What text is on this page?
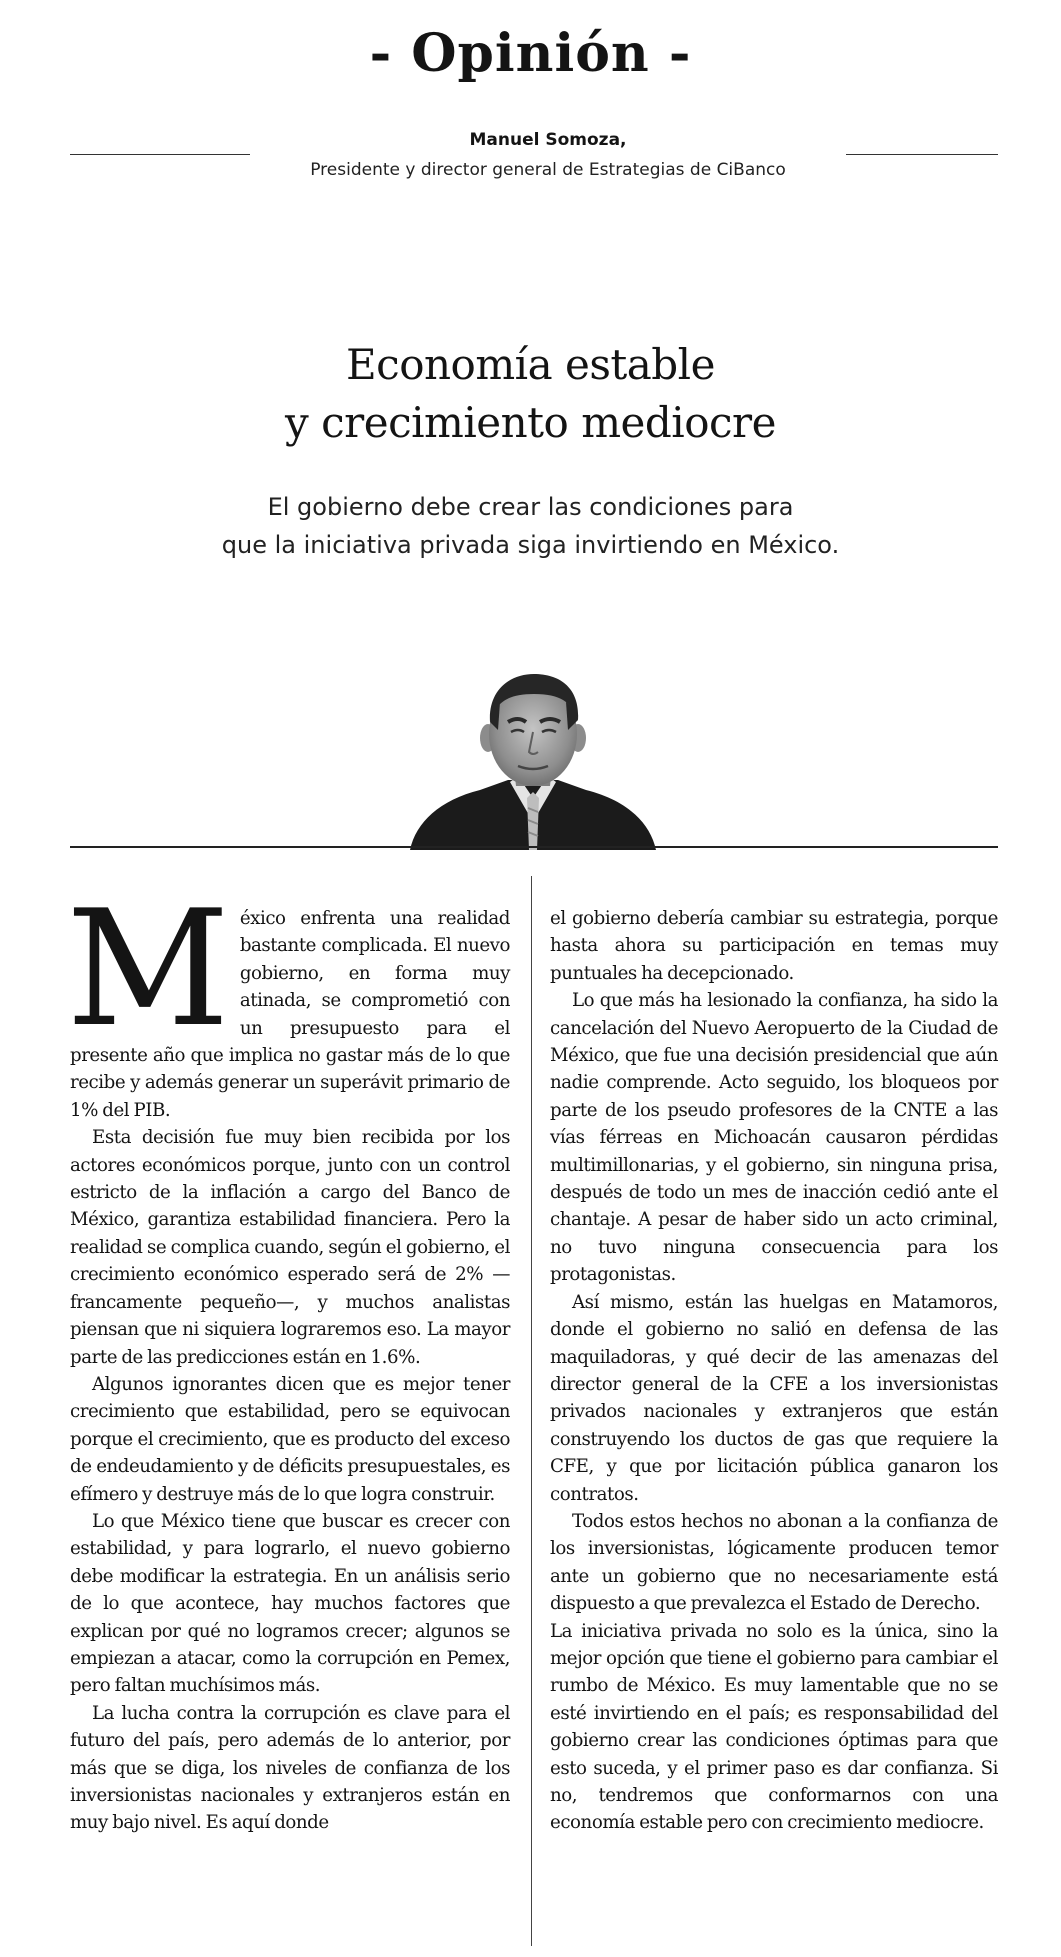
- Opinión -
Manuel Somoza,
Presidente y director general de Estrategias de CiBanco
Economía estable
y crecimiento mediocre
El gobierno debe crear las condiciones para
que la iniciativa privada siga invirtiendo en México.

México enfrenta una realidad bastante complicada. El nuevo gobierno, en forma muy atinada, se comprometió con un presupuesto para el presente año que implica no gastar más de lo que recibe y además generar un superávit primario de 1% del PIB.

Esta decisión fue muy bien recibida por los actores económicos porque, junto con un control estricto de la inflación a cargo del Banco de México, garantiza estabilidad financiera. Pero la realidad se complica cuando, según el gobierno, el crecimiento económico esperado será de 2% —francamente pequeño—, y muchos analistas piensan que ni siquiera lograremos eso. La mayor parte de las predicciones están en 1.6%.

Algunos ignorantes dicen que es mejor tener crecimiento que estabilidad, pero se equivocan porque el crecimiento, que es producto del exceso de endeudamiento y de déficits presupuestales, es efímero y destruye más de lo que logra construir.

Lo que México tiene que buscar es crecer con estabilidad, y para lograrlo, el nuevo gobierno debe modificar la estrategia. En un análisis serio de lo que acontece, hay muchos factores que explican por qué no logramos crecer; algunos se empiezan a atacar, como la corrupción en Pemex, pero faltan muchísimos más.

La lucha contra la corrupción es clave para el futuro del país, pero además de lo anterior, por más que se diga, los niveles de confianza de los inversionistas nacionales y extranjeros están en muy bajo nivel. Es aquí donde

el gobierno debería cambiar su estrategia, porque hasta ahora su participación en temas muy puntuales ha decepcionado.

Lo que más ha lesionado la confianza, ha sido la cancelación del Nuevo Aeropuerto de la Ciudad de México, que fue una decisión presidencial que aún nadie comprende. Acto seguido, los bloqueos por parte de los pseudo profesores de la CNTE a las vías férreas en Michoacán causaron pérdidas multimillonarias, y el gobierno, sin ninguna prisa, después de todo un mes de inacción cedió ante el chantaje. A pesar de haber sido un acto criminal, no tuvo ninguna consecuencia para los protagonistas.

Así mismo, están las huelgas en Matamoros, donde el gobierno no salió en defensa de las maquiladoras, y qué decir de las amenazas del director general de la CFE a los inversionistas privados nacionales y extranjeros que están construyendo los ductos de gas que requiere la CFE, y que por licitación pública ganaron los contratos.

Todos estos hechos no abonan a la confianza de los inversionistas, lógicamente producen temor ante un gobierno que no necesariamente está dispuesto a que prevalezca el Estado de Derecho.

La iniciativa privada no solo es la única, sino la mejor opción que tiene el gobierno para cambiar el rumbo de México. Es muy lamentable que no se esté invirtiendo en el país; es responsabilidad del gobierno crear las condiciones óptimas para que esto suceda, y el primer paso es dar confianza. Si no, tendremos que conformarnos con una economía estable pero con crecimiento mediocre.
